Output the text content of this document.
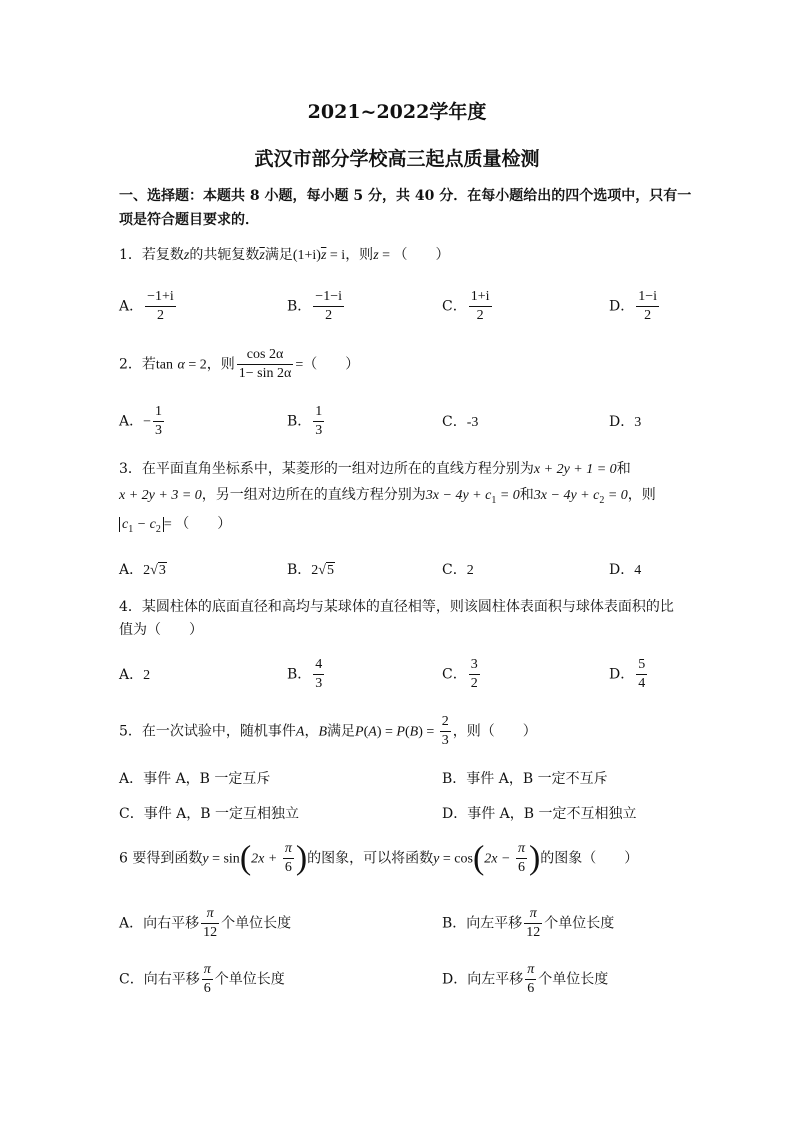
2021~2022学年度
武汉市部分学校高三起点质量检测
一、选择题：本题共 8 小题，每小题 5 分，共 40 分．在每小题给出的四个选项中，只有一
项是符合题目要求的．
1．若复数z的共轭复数$\overline{z}$满足$(1+i)\overline{z} = i$，则z = （　　）
A． $\frac{-1+i}{2}$	B． $\frac{-1-i}{2}$	C． $\frac{1+i}{2}$	D． $\frac{1-i}{2}$
2．若tan α = 2，则 $\frac{\cos 2\alpha}{1- \sin 2\alpha}$ =（　　）
A．− $\frac{1}{3}$	B． $\frac{1}{3}$	C．-3	D．3
3．在平面直角坐标系中，某菱形的一组对边所在的直线方程分别为x + 2y + 1 = 0和
x + 2y + 3 = 0，另一组对边所在的直线方程分别为$3x - 4y + c_1 = 0$和$3x - 4y + c_2 = 0$，则
$c_1 - c_2$ = （　　）
A．2√3	B．2√5	C．2	D．4
4．某圆柱体的底面直径和高均与某球体的直径相等，则该圆柱体表面积与球体表面积的比
值为（　　）
A．2	B． $\frac{4}{3}$	C． $\frac{3}{2}$	D． $\frac{5}{4}$
5．在一次试验中，随机事件A，B满足$P(A) = P(B) = \frac{2}{3}$ ，则（　　）
A．事件 A，B 一定互斥	B．事件 A，B 一定不互斥
C．事件 A，B 一定互相独立	D．事件 A，B 一定不互相独立
6 要得到函数$y = \sin(2x + \frac{\pi}{6}$ )的图象，可以将函数$y = \cos(2x - \frac{\pi}{6}$ )的图象（　　）
A．向右平移 $\frac{\pi}{12}$ 个单位长度	B．向左平移 $\frac{\pi}{12}$ 个单位长度
C．向右平移 $\frac{\pi}{6}$ 个单位长度	D．向左平移 $\frac{\pi}{6}$ 个单位长度
